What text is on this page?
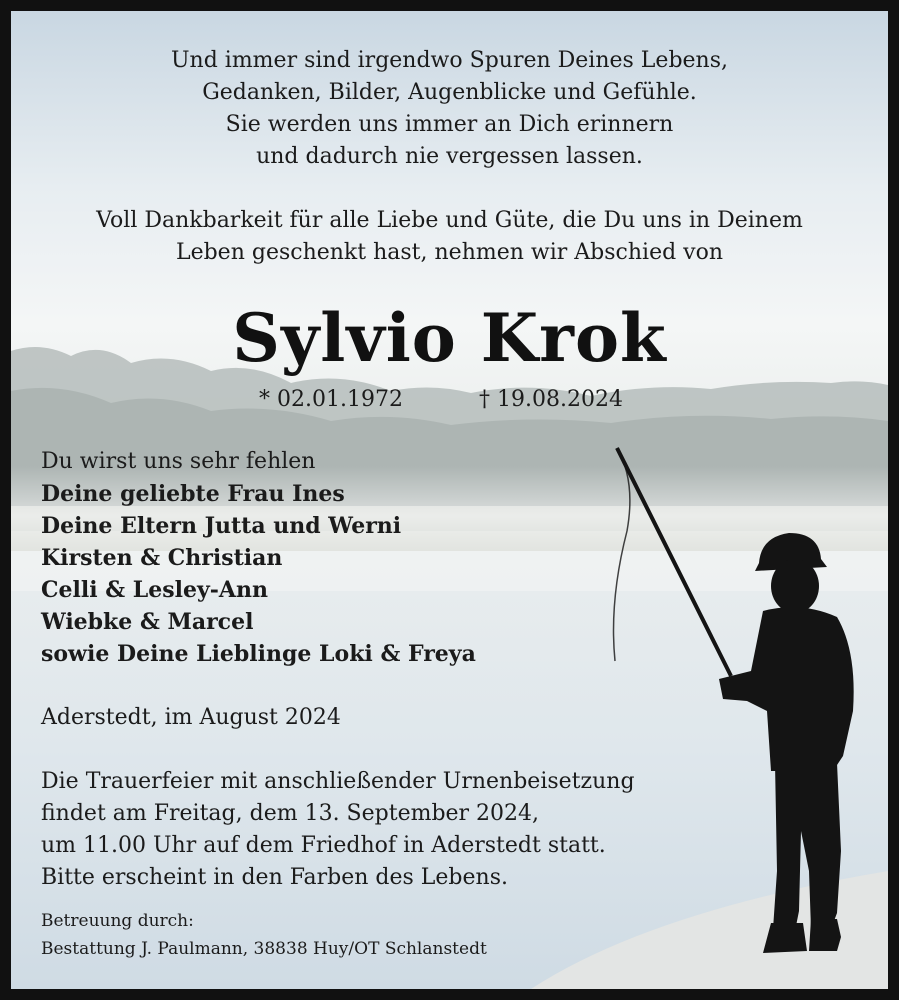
Und immer sind irgendwo Spuren Deines Lebens,
Gedanken, Bilder, Augenblicke und Gefühle.
Sie werden uns immer an Dich erinnern
und dadurch nie vergessen lassen.
Voll Dankbarkeit für alle Liebe und Güte, die Du uns in Deinem
Leben geschenkt hast, nehmen wir Abschied von
Sylvio Krok
* 02.01.1972	† 19.08.2024
Du wirst uns sehr fehlen
Deine geliebte Frau Ines
Deine Eltern Jutta und Werni
Kirsten & Christian
Celli & Lesley-Ann
Wiebke & Marcel
sowie Deine Lieblinge Loki & Freya
Aderstedt, im August 2024
Die Trauerfeier mit anschließender Urnenbeisetzung
findet am Freitag, dem 13. September 2024,
um 11.00 Uhr auf dem Friedhof in Aderstedt statt.
Bitte erscheint in den Farben des Lebens.
Betreuung durch:
Bestattung J. Paulmann, 38838 Huy/OT Schlanstedt
